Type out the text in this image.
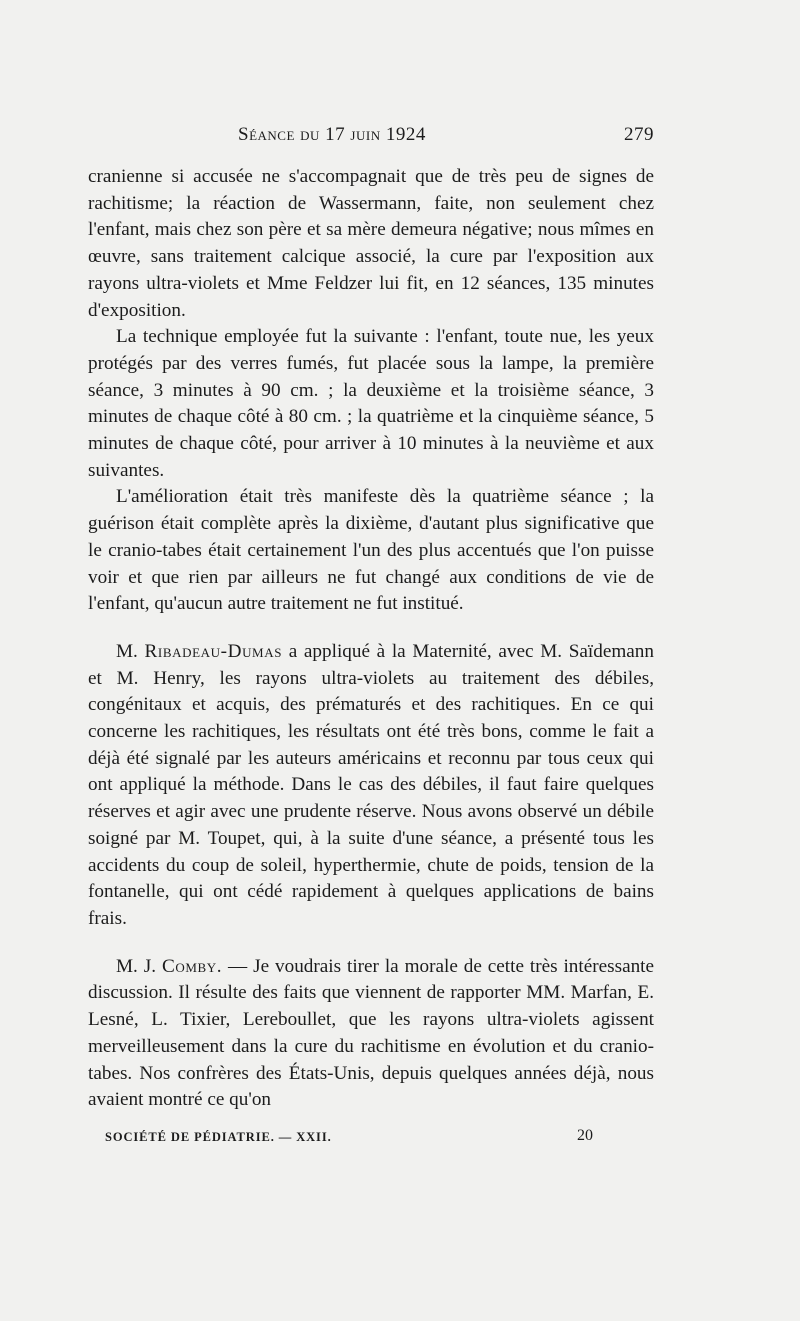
Séance du 17 juin 1924	279

cranienne si accusée ne s'accompagnait que de très peu de signes de rachitisme; la réaction de Wassermann, faite, non seulement chez l'enfant, mais chez son père et sa mère demeura négative; nous mîmes en œuvre, sans traitement calcique associé, la cure par l'exposition aux rayons ultra-violets et Mme Feldzer lui fit, en 12 séances, 135 minutes d'exposition.

La technique employée fut la suivante : l'enfant, toute nue, les yeux protégés par des verres fumés, fut placée sous la lampe, la première séance, 3 minutes à 90 cm. ; la deuxième et la troisième séance, 3 minutes de chaque côté à 80 cm. ; la quatrième et la cinquième séance, 5 minutes de chaque côté, pour arriver à 10 minutes à la neuvième et aux suivantes.

L'amélioration était très manifeste dès la quatrième séance ; la guérison était complète après la dixième, d'autant plus significative que le cranio-tabes était certainement l'un des plus accentués que l'on puisse voir et que rien par ailleurs ne fut changé aux conditions de vie de l'enfant, qu'aucun autre traitement ne fut institué.

M. Ribadeau-Dumas a appliqué à la Maternité, avec M. Saïdemann et M. Henry, les rayons ultra-violets au traitement des débiles, congénitaux et acquis, des prématurés et des rachitiques. En ce qui concerne les rachitiques, les résultats ont été très bons, comme le fait a déjà été signalé par les auteurs américains et reconnu par tous ceux qui ont appliqué la méthode. Dans le cas des débiles, il faut faire quelques réserves et agir avec une prudente réserve. Nous avons observé un débile soigné par M. Toupet, qui, à la suite d'une séance, a présenté tous les accidents du coup de soleil, hyperthermie, chute de poids, tension de la fontanelle, qui ont cédé rapidement à quelques applications de bains frais.

M. J. Comby. — Je voudrais tirer la morale de cette très intéressante discussion. Il résulte des faits que viennent de rapporter MM. Marfan, E. Lesné, L. Tixier, Lereboullet, que les rayons ultra-violets agissent merveilleusement dans la cure du rachitisme en évolution et du cranio-tabes. Nos confrères des États-Unis, depuis quelques années déjà, nous avaient montré ce qu'on

SOCIÉTÉ DE PÉDIATRIE. — XXII.	20
